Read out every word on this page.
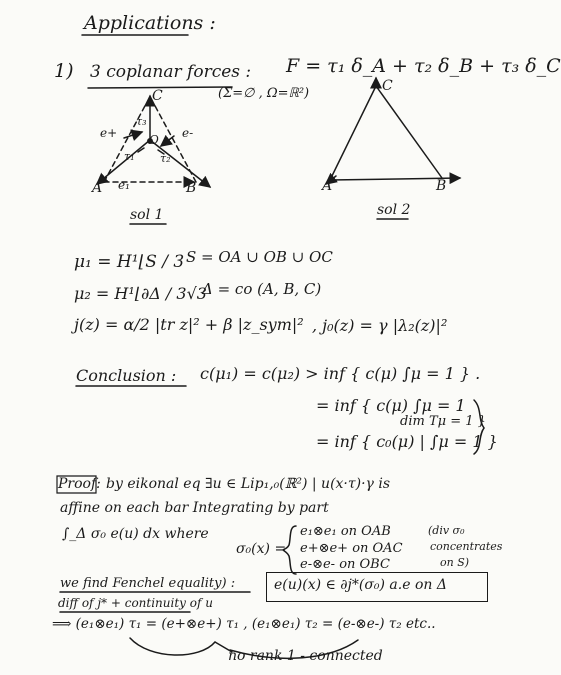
Applications :
1) 3 coplanar forces : F = τ₁ δ_A + τ₂ δ_B + τ₃ δ_C
(Σ=∅ , Ω=ℝ²)
C
A	B
O
e+	e-
e₁
τ₃
τ₁ τ₂
sol 1
C
A	B
sol 2
μ₁ = H¹⌊S / 3 S = OA ∪ OB ∪ OC
μ₂ = H¹⌊∂Δ / 3√3
Δ = co (A, B, C)
j(z) = α/2 |tr z|² + β |z_sym|² , j₀(z) = γ |λ₂(z)|²
Conclusion : c(μ₁) = c(μ₂) > inf { c(μ) ∫μ = 1 } .
= inf { c(μ) ∫μ = 1
dim Tμ = 1 }
= inf { c₀(μ) | ∫μ = 1 }
Proof: by eikonal eq ∃u ∈ Lip₁,₀(ℝ²) | u(x·τ)·γ is
affine on each bar Integrating by part
∫_Δ σ₀ e(u) dx where
σ₀(x) =
e₁⊗e₁ on OAB
e+⊗e+ on OAC
e-⊗e- on OBC
(div σ₀
concentrates
on S)
we find Fenchel equality) :
diff of j* + continuity of u
e(u)(x) ∈ ∂j*(σ₀) a.e on Δ
⟹ (e₁⊗e₁) τ₁ = (e+⊗e+) τ₁ , (e₁⊗e₁) τ₂ = (e-⊗e-) τ₂ etc..
no rank 1 - connected
